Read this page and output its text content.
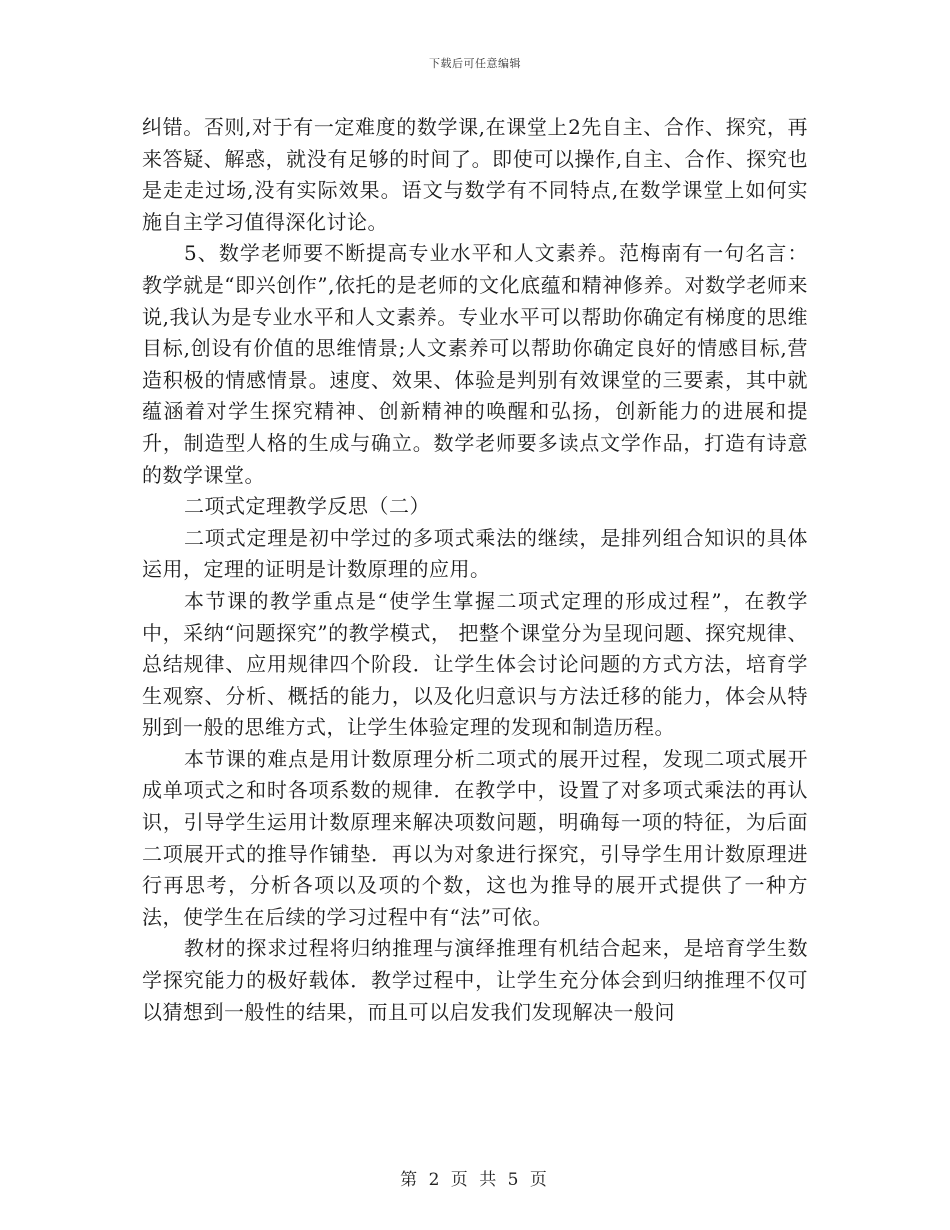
下载后可任意编辑

纠错。否则,对于有一定难度的数学课,在课堂上2先自主、合作、探究，再来答疑、解惑，就没有足够的时间了。即使可以操作,自主、合作、探究也是走走过场,没有实际效果。语文与数学有不同特点,在数学课堂上如何实施自主学习值得深化讨论。

5、数学老师要不断提高专业水平和人文素养。范梅南有一句名言：教学就是“即兴创作”,依托的是老师的文化底蕴和精神修养。对数学老师来说,我认为是专业水平和人文素养。专业水平可以帮助你确定有梯度的思维目标,创设有价值的思维情景;人文素养可以帮助你确定良好的情感目标,营造积极的情感情景。速度、效果、体验是判别有效课堂的三要素，其中就蕴涵着对学生探究精神、创新精神的唤醒和弘扬，创新能力的进展和提升，制造型人格的生成与确立。数学老师要多读点文学作品，打造有诗意的数学课堂。

二项式定理教学反思（二）

二项式定理是初中学过的多项式乘法的继续，是排列组合知识的具体运用，定理的证明是计数原理的应用。

本节课的教学重点是“使学生掌握二项式定理的形成过程”，在教学中，采纳“问题探究”的教学模式， 把整个课堂分为呈现问题、探究规律、总结规律、应用规律四个阶段．让学生体会讨论问题的方式方法，培育学生观察、分析、概括的能力，以及化归意识与方法迁移的能力，体会从特别到一般的思维方式，让学生体验定理的发现和制造历程。

本节课的难点是用计数原理分析二项式的展开过程，发现二项式展开成单项式之和时各项系数的规律．在教学中，设置了对多项式乘法的再认识，引导学生运用计数原理来解决项数问题，明确每一项的特征，为后面二项展开式的推导作铺垫．再以为对象进行探究，引导学生用计数原理进行再思考，分析各项以及项的个数，这也为推导的展开式提供了一种方法，使学生在后续的学习过程中有“法”可依。

教材的探求过程将归纳推理与演绎推理有机结合起来，是培育学生数学探究能力的极好载体．教学过程中，让学生充分体会到归纳推理不仅可以猜想到一般性的结果，而且可以启发我们发现解决一般问

第 2 页 共 5 页
